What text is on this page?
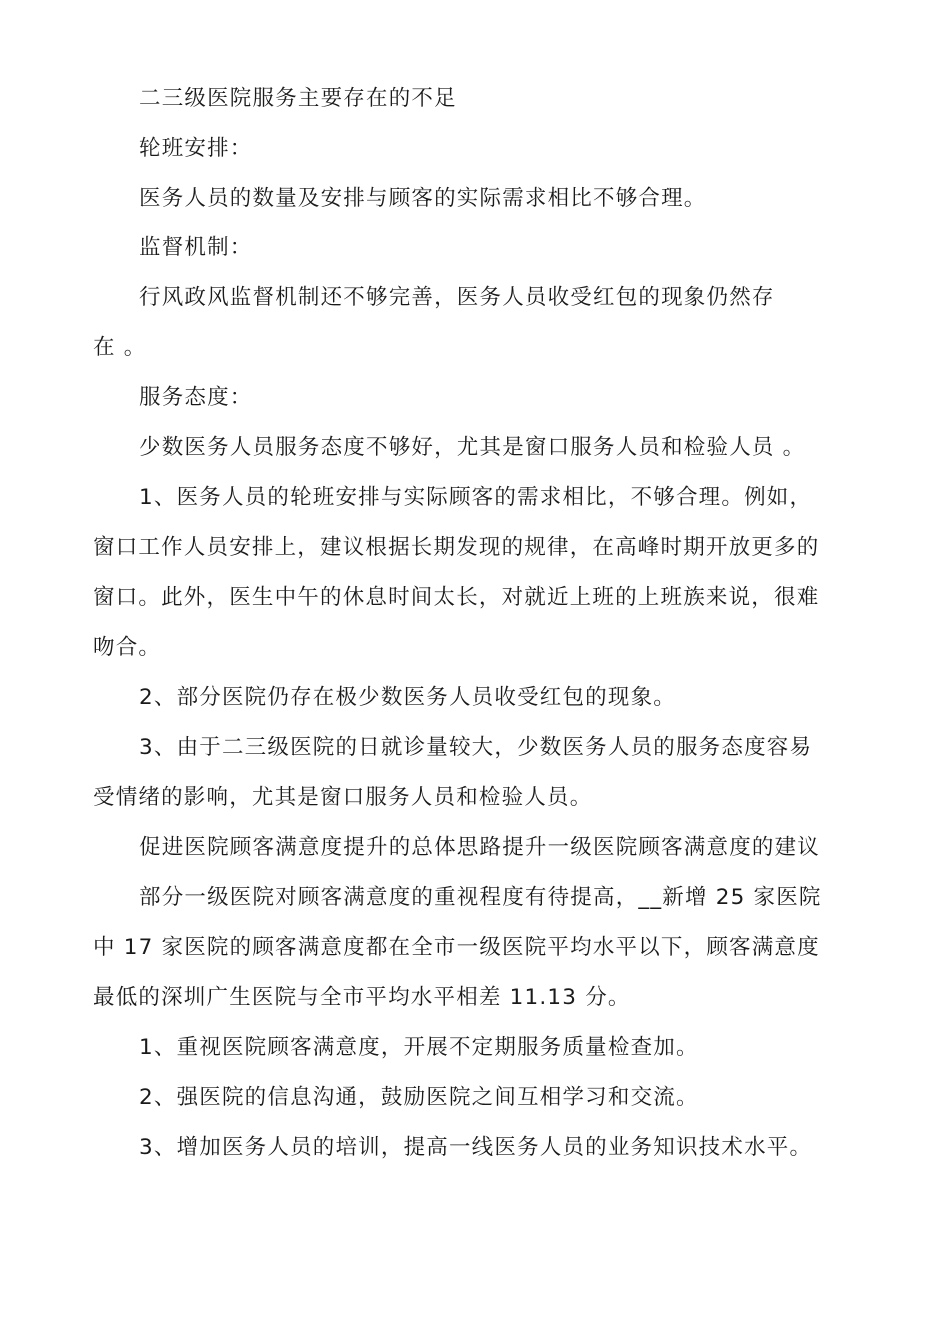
二三级医院服务主要存在的不足
轮班安排：
医务人员的数量及安排与顾客的实际需求相比不够合理。
监督机制：
行风政风监督机制还不够完善，医务人员收受红包的现象仍然存
在 。
服务态度：
少数医务人员服务态度不够好，尤其是窗口服务人员和检验人员 。
1、医务人员的轮班安排与实际顾客的需求相比，不够合理。例如，
窗口工作人员安排上，建议根据长期发现的规律，在高峰时期开放更多的
窗口。此外，医生中午的休息时间太长，对就近上班的上班族来说，很难
吻合。
2、部分医院仍存在极少数医务人员收受红包的现象。
3、由于二三级医院的日就诊量较大，少数医务人员的服务态度容易
受情绪的影响，尤其是窗口服务人员和检验人员。
促进医院顾客满意度提升的总体思路提升一级医院顾客满意度的建议
部分一级医院对顾客满意度的重视程度有待提高，__新增 25 家医院
中 17 家医院的顾客满意度都在全市一级医院平均水平以下，顾客满意度
最低的深圳广生医院与全市平均水平相差 11.13 分。
1、重视医院顾客满意度，开展不定期服务质量检查加。
2、强医院的信息沟通，鼓励医院之间互相学习和交流。
3、增加医务人员的培训，提高一线医务人员的业务知识技术水平。
